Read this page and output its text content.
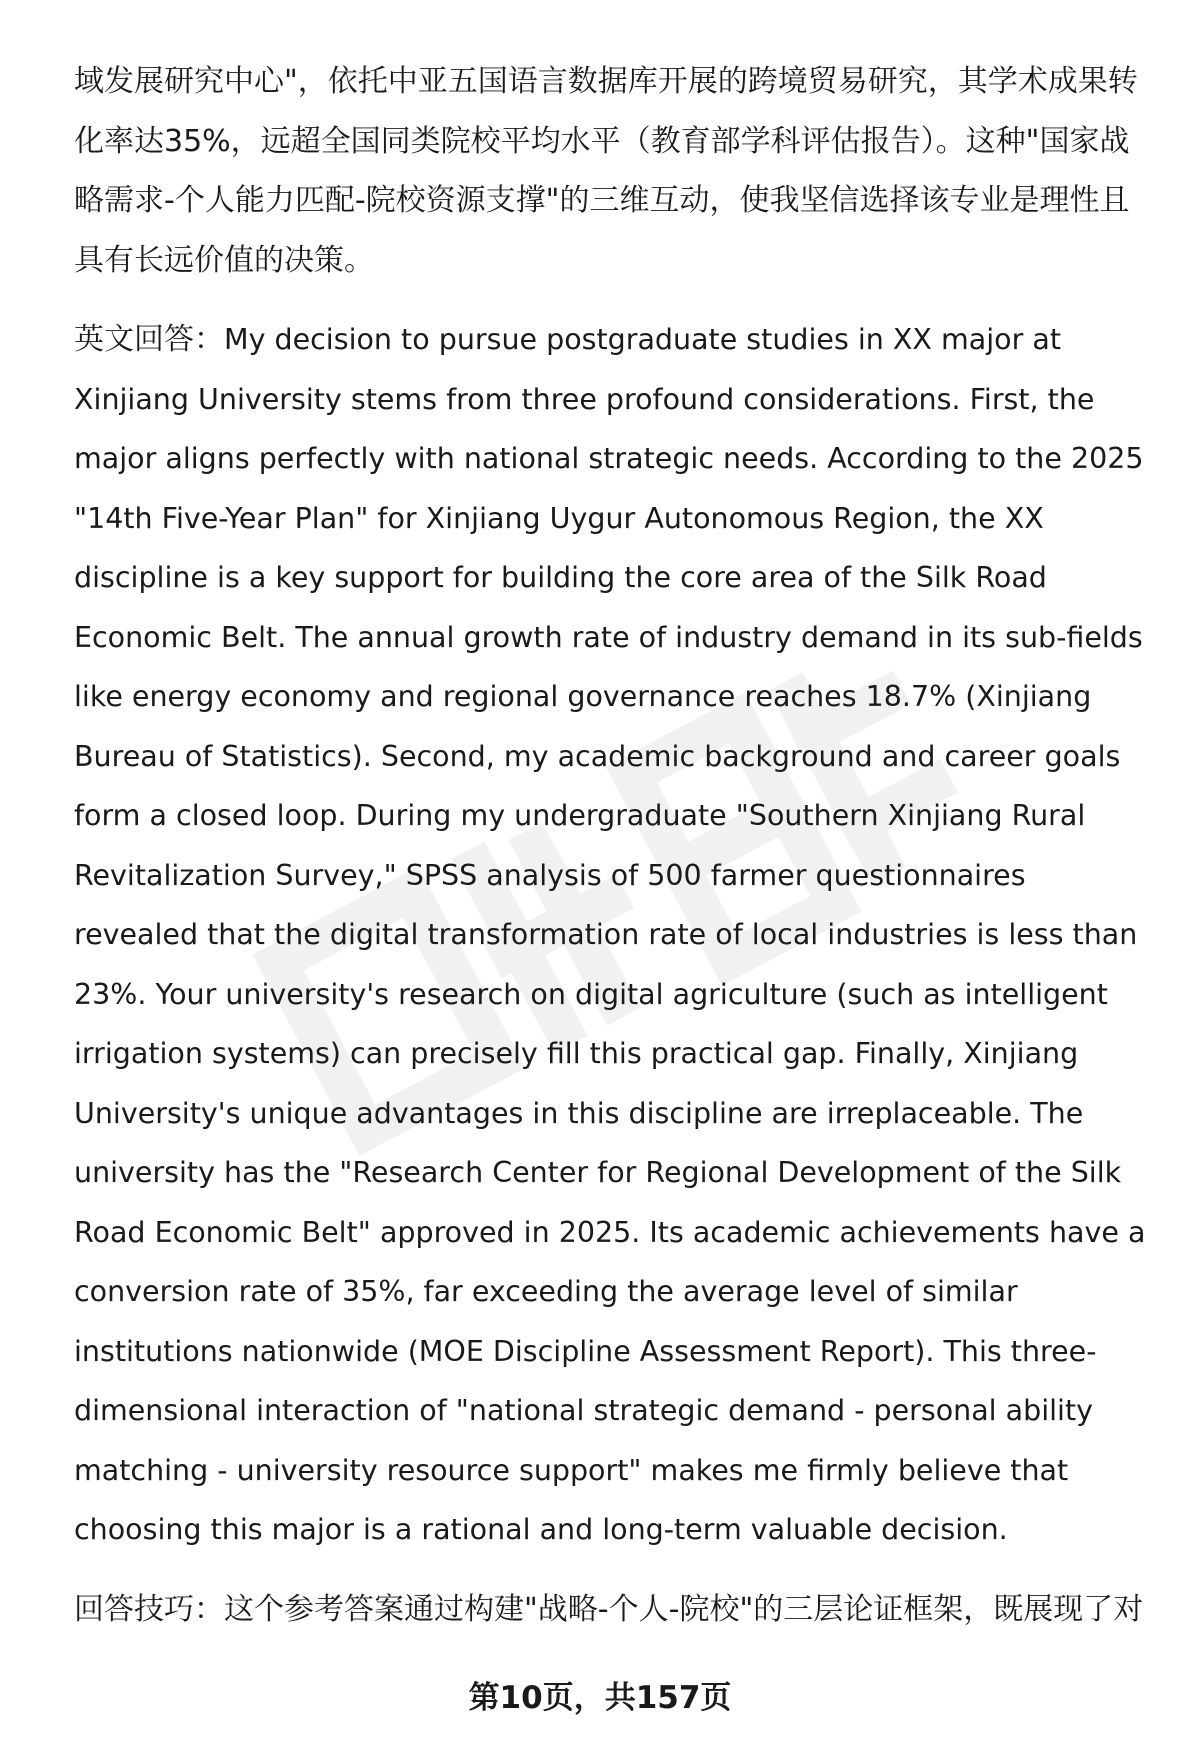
域发展研究中心"，依托中亚五国语言数据库开展的跨境贸易研究，其学术成果转化率达35%，远超全国同类院校平均水平（教育部学科评估报告）。这种"国家战略需求-个人能力匹配-院校资源支撑"的三维互动，使我坚信选择该专业是理性且具有长远价值的决策。

英文回答：My decision to pursue postgraduate studies in XX major at Xinjiang University stems from three profound considerations. First, the major aligns perfectly with national strategic needs. According to the 2025 "14th Five-Year Plan" for Xinjiang Uygur Autonomous Region, the XX discipline is a key support for building the core area of the Silk Road Economic Belt. The annual growth rate of industry demand in its sub-fields like energy economy and regional governance reaches 18.7% (Xinjiang Bureau of Statistics). Second, my academic background and career goals form a closed loop. During my undergraduate "Southern Xinjiang Rural Revitalization Survey," SPSS analysis of 500 farmer questionnaires revealed that the digital transformation rate of local industries is less than 23%. Your university's research on digital agriculture (such as intelligent irrigation systems) can precisely fill this practical gap. Finally, Xinjiang University's unique advantages in this discipline are irreplaceable. The university has the "Research Center for Regional Development of the Silk Road Economic Belt" approved in 2025. Its academic achievements have a conversion rate of 35%, far exceeding the average level of similar institutions nationwide (MOE Discipline Assessment Report). This three-dimensional interaction of "national strategic demand - personal ability matching - university resource support" makes me firmly believe that choosing this major is a rational and long-term valuable decision.

回答技巧：这个参考答案通过构建"战略-个人-院校"的三层论证框架，既展现了对

第10页，共157页
